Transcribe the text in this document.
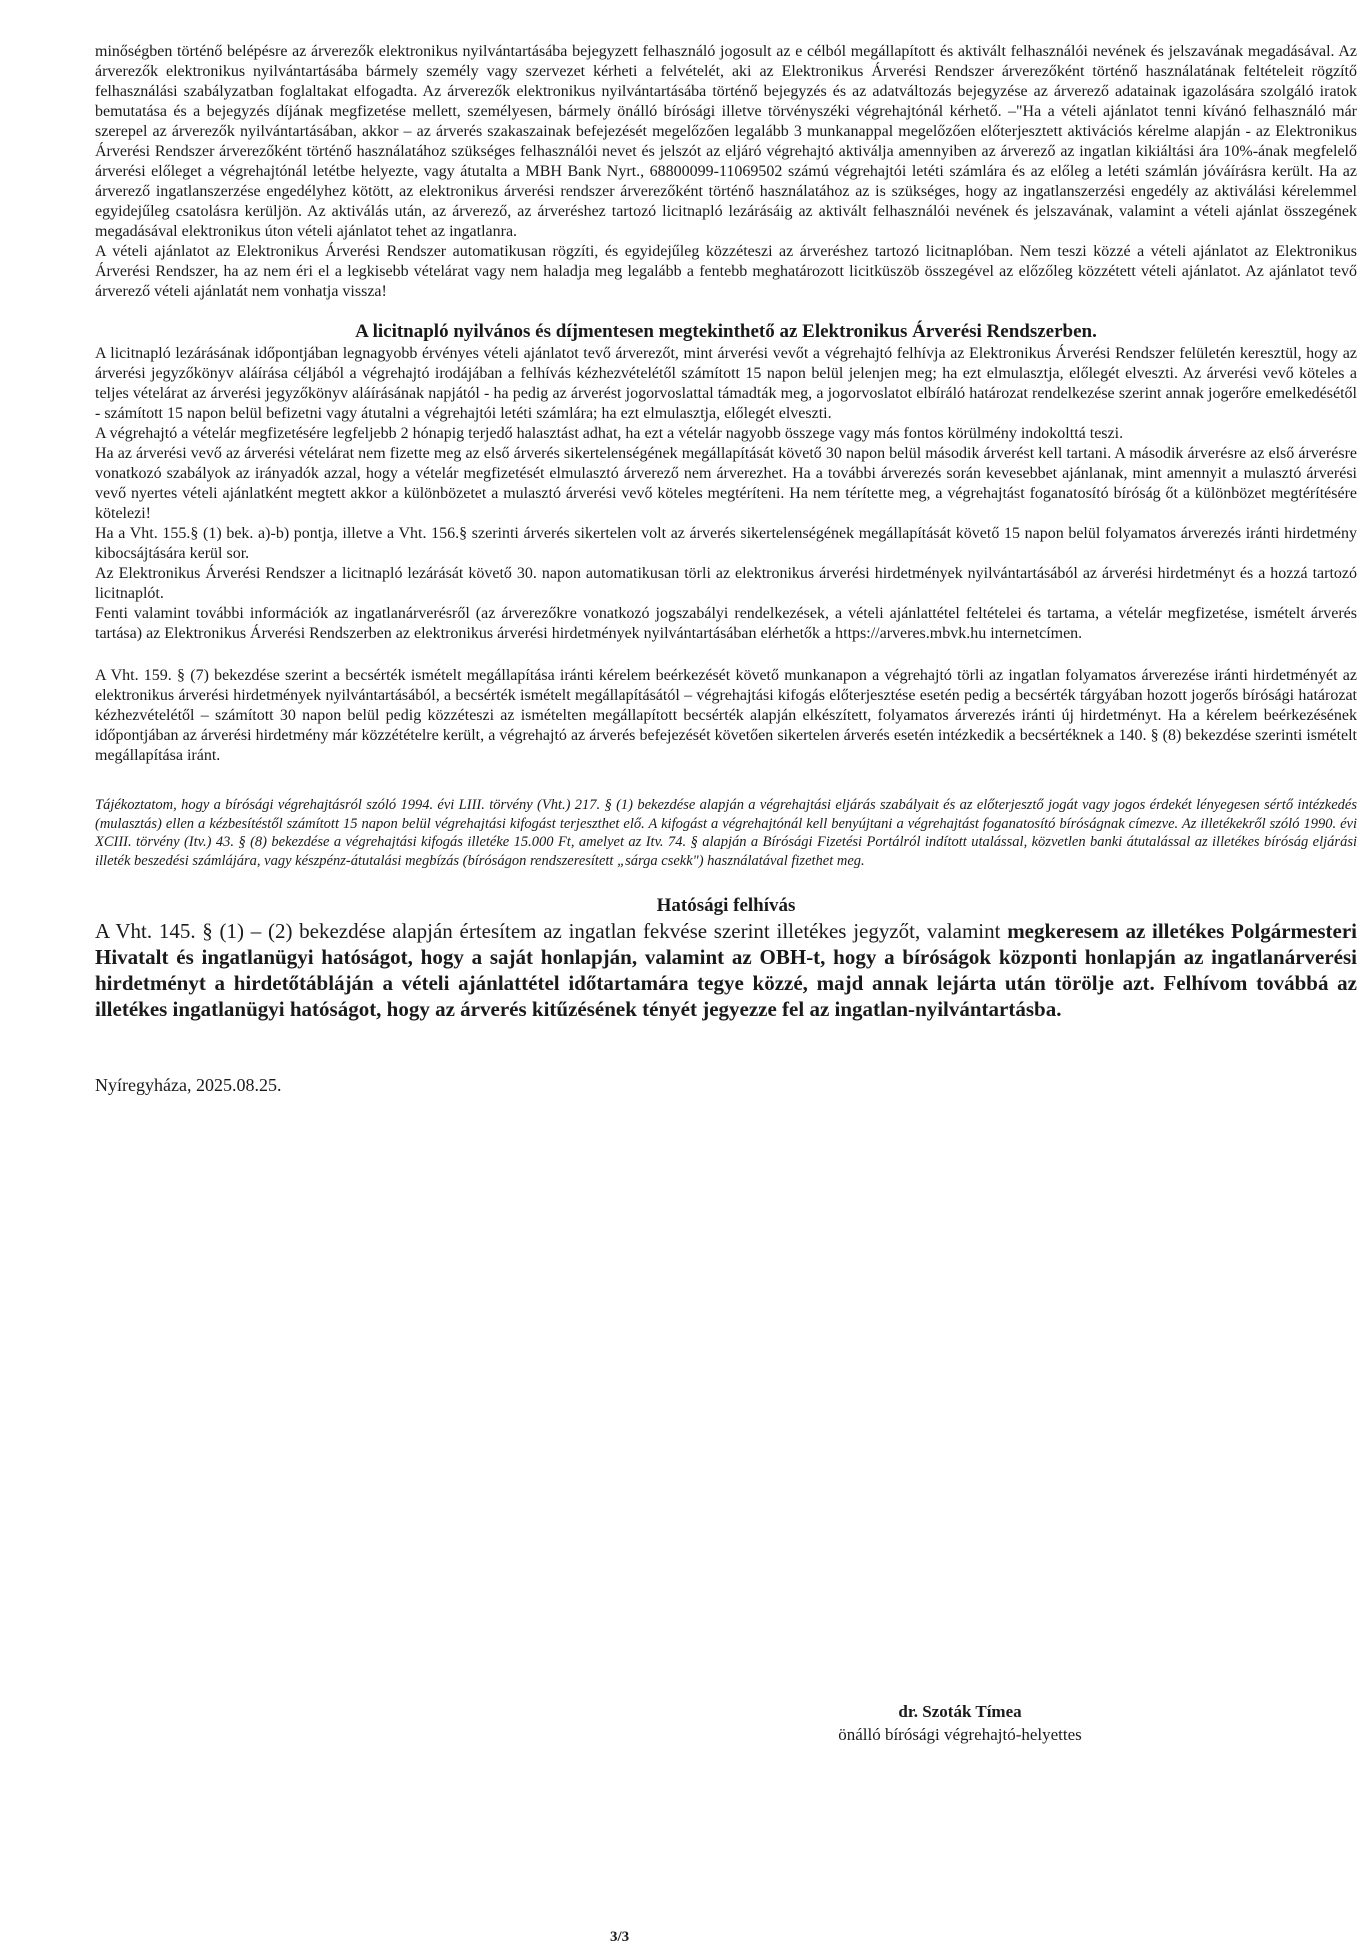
minőségben történő belépésre az árverezők elektronikus nyilvántartásába bejegyzett felhasználó jogosult az e célból megállapított és aktivált felhasználói nevének és jelszavának megadásával. Az árverezők elektronikus nyilvántartásába bármely személy vagy szervezet kérheti a felvételét, aki az Elektronikus Árverési Rendszer árverezőként történő használatának feltételeit rögzítő felhasználási szabályzatban foglaltakat elfogadta. Az árverezők elektronikus nyilvántartásába történő bejegyzés és az adatváltozás bejegyzése az árverező adatainak igazolására szolgáló iratok bemutatása és a bejegyzés díjának megfizetése mellett, személyesen, bármely önálló bírósági illetve törvényszéki végrehajtónál kérhető. –"Ha a vételi ajánlatot tenni kívánó felhasználó már szerepel az árverezők nyilvántartásában, akkor – az árverés szakaszainak befejezését megelőzően legalább 3 munkanappal megelőzően előterjesztett aktivációs kérelme alapján - az Elektronikus Árverési Rendszer árverezőként történő használatához szükséges felhasználói nevet és jelszót az eljáró végrehajtó aktiválja amennyiben az árverező az ingatlan kikiáltási ára 10%-ának megfelelő árverési előleget a végrehajtónál letétbe helyezte, vagy átutalta a MBH Bank Nyrt., 68800099-11069502 számú végrehajtói letéti számlára és az előleg a letéti számlán jóváírásra került. Ha az árverező ingatlanszerzése engedélyhez kötött, az elektronikus árverési rendszer árverezőként történő használatához az is szükséges, hogy az ingatlanszerzési engedély az aktiválási kérelemmel egyidejűleg csatolásra kerüljön. Az aktiválás után, az árverező, az árveréshez tartozó licitnapló lezárásáig az aktivált felhasználói nevének és jelszavának, valamint a vételi ajánlat összegének megadásával elektronikus úton vételi ajánlatot tehet az ingatlanra.

A vételi ajánlatot az Elektronikus Árverési Rendszer automatikusan rögzíti, és egyidejűleg közzéteszi az árveréshez tartozó licitnaplóban. Nem teszi közzé a vételi ajánlatot az Elektronikus Árverési Rendszer, ha az nem éri el a legkisebb vételárat vagy nem haladja meg legalább a fentebb meghatározott licitküszöb összegével az előzőleg közzétett vételi ajánlatot. Az ajánlatot tevő árverező vételi ajánlatát nem vonhatja vissza!

A licitnapló nyilvános és díjmentesen megtekinthető az Elektronikus Árverési Rendszerben.

A licitnapló lezárásának időpontjában legnagyobb érvényes vételi ajánlatot tevő árverezőt, mint árverési vevőt a végrehajtó felhívja az Elektronikus Árverési Rendszer felületén keresztül, hogy az árverési jegyzőkönyv aláírása céljából a végrehajtó irodájában a felhívás kézhezvételétől számított 15 napon belül jelenjen meg; ha ezt elmulasztja, előlegét elveszti. Az árverési vevő köteles a teljes vételárat az árverési jegyzőkönyv aláírásának napjától - ha pedig az árverést jogorvoslattal támadták meg, a jogorvoslatot elbíráló határozat rendelkezése szerint annak jogerőre emelkedésétől - számított 15 napon belül befizetni vagy átutalni a végrehajtói letéti számlára; ha ezt elmulasztja, előlegét elveszti.

A végrehajtó a vételár megfizetésére legfeljebb 2 hónapig terjedő halasztást adhat, ha ezt a vételár nagyobb összege vagy más fontos körülmény indokolttá teszi.

Ha az árverési vevő az árverési vételárat nem fizette meg az első árverés sikertelenségének megállapítását követő 30 napon belül második árverést kell tartani. A második árverésre az első árverésre vonatkozó szabályok az irányadók azzal, hogy a vételár megfizetését elmulasztó árverező nem árverezhet. Ha a további árverezés során kevesebbet ajánlanak, mint amennyit a mulasztó árverési vevő nyertes vételi ajánlatként megtett akkor a különbözetet a mulasztó árverési vevő köteles megtéríteni. Ha nem térítette meg, a végrehajtást foganatosító bíróság őt a különbözet megtérítésére kötelezi!

Ha a Vht. 155.§ (1) bek. a)-b) pontja, illetve a Vht. 156.§ szerinti árverés sikertelen volt az árverés sikertelenségének megállapítását követő 15 napon belül folyamatos árverezés iránti hirdetmény kibocsájtására kerül sor.

Az Elektronikus Árverési Rendszer a licitnapló lezárását követő 30. napon automatikusan törli az elektronikus árverési hirdetmények nyilvántartásából az árverési hirdetményt és a hozzá tartozó licitnaplót.

Fenti valamint további információk az ingatlanárverésről (az árverezőkre vonatkozó jogszabályi rendelkezések, a vételi ajánlattétel feltételei és tartama, a vételár megfizetése, ismételt árverés tartása) az Elektronikus Árverési Rendszerben az elektronikus árverési hirdetmények nyilvántartásában elérhetők a https://arveres.mbvk.hu internetcímen.

A Vht. 159. § (7) bekezdése szerint a becsérték ismételt megállapítása iránti kérelem beérkezését követő munkanapon a végrehajtó törli az ingatlan folyamatos árverezése iránti hirdetményét az elektronikus árverési hirdetmények nyilvántartásából, a becsérték ismételt megállapításától – végrehajtási kifogás előterjesztése esetén pedig a becsérték tárgyában hozott jogerős bírósági határozat kézhezvételétől – számított 30 napon belül pedig közzéteszi az ismételten megállapított becsérték alapján elkészített, folyamatos árverezés iránti új hirdetményt. Ha a kérelem beérkezésének időpontjában az árverési hirdetmény már közzétételre került, a végrehajtó az árverés befejezését követően sikertelen árverés esetén intézkedik a becsértéknek a 140. § (8) bekezdése szerinti ismételt megállapítása iránt.

Tájékoztatom, hogy a bírósági végrehajtásról szóló 1994. évi LIII. törvény (Vht.) 217. § (1) bekezdése alapján a végrehajtási eljárás szabályait és az előterjesztő jogát vagy jogos érdekét lényegesen sértő intézkedés (mulasztás) ellen a kézbesítéstől számított 15 napon belül végrehajtási kifogást terjeszthet elő. A kifogást a végrehajtónál kell benyújtani a végrehajtást foganatosító bíróságnak címezve. Az illetékekről szóló 1990. évi XCIII. törvény (Itv.) 43. § (8) bekezdése a végrehajtási kifogás illetéke 15.000 Ft, amelyet az Itv. 74. § alapján a Bírósági Fizetési Portálról indított utalással, közvetlen banki átutalással az illetékes bíróság eljárási illeték beszedési számlájára, vagy készpénz-átutalási megbízás (bíróságon rendszeresített „sárga csekk") használatával fizethet meg.

Hatósági felhívás

A Vht. 145. § (1) – (2) bekezdése alapján értesítem az ingatlan fekvése szerint illetékes jegyzőt, valamint megkeresem az illetékes Polgármesteri Hivatalt és ingatlanügyi hatóságot, hogy a saját honlapján, valamint az OBH-t, hogy a bíróságok központi honlapján az ingatlanárverési hirdetményt a hirdetőtábláján a vételi ajánlattétel időtartamára tegye közzé, majd annak lejárta után törölje azt. Felhívom továbbá az illetékes ingatlanügyi hatóságot, hogy az árverés kitűzésének tényét jegyezze fel az ingatlan-nyilvántartásba.

Nyíregyháza, 2025.08.25.

dr. Szoták Tímea
önálló bírósági végrehajtó-helyettes
3/3
